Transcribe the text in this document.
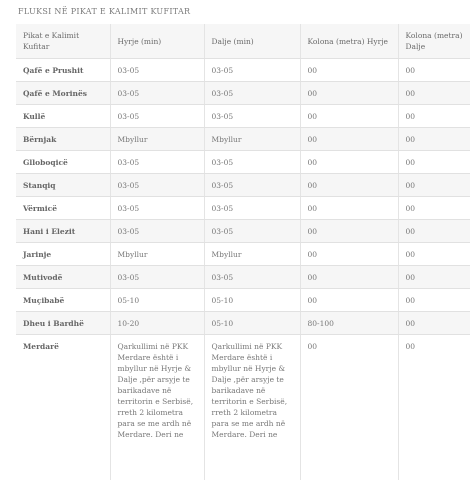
FLUKSI NË PIKAT E KALIMIT KUFITAR
Pikat e Kalimit Kufitar	Hyrje (min)	Dalje (min)	Kolona (metra) Hyrje	Kolona (metra) Dalje
Qafë e Prushit	03-05	03-05	00	00
Qafë e Morinës	03-05	03-05	00	00
Kullë	03-05	03-05	00	00
Bërnjak	Mbyllur	Mbyllur	00	00
Glloboqicë	03-05	03-05	00	00
Stanqiq	03-05	03-05	00	00
Vërmicë	03-05	03-05	00	00
Hani i Elezit	03-05	03-05	00	00
Jarinje	Mbyllur	Mbyllur	00	00
Mutivodë	03-05	03-05	00	00
Muçibabë	05-10	05-10	00	00
Dheu i Bardhë	10-20	05-10	80-100	00
Merdarë	Qarkullimi në PKK Merdare është i mbyllur në Hyrje & Dalje ,për arsyje te barikadave në territorin e Serbisë, rreth 2 kilometra para se me ardh në Merdare. Deri ne	Qarkullimi në PKK Merdare është i mbyllur në Hyrje & Dalje ,për arsyje te barikadave në territorin e Serbisë, rreth 2 kilometra para se me ardh në Merdare. Deri ne	00	00
